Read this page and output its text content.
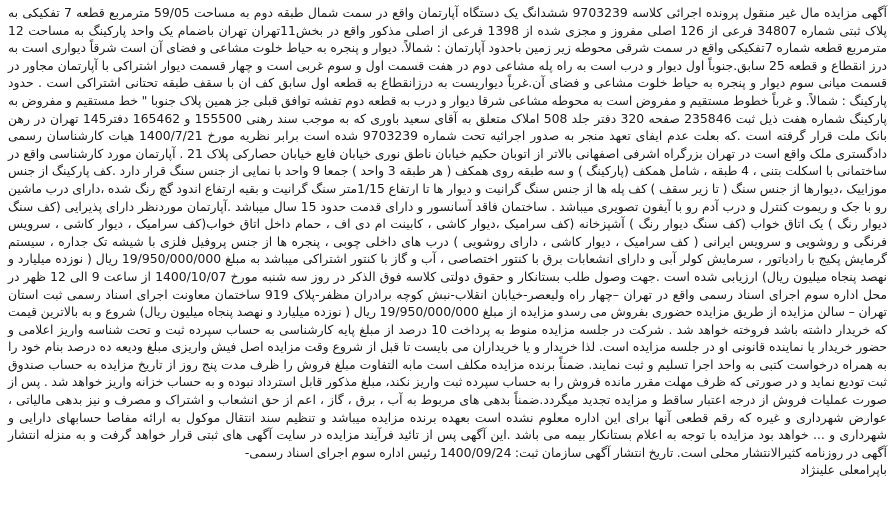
آگهی مزایده مال غیر منقول پرونده اجرائی کلاسه 9703239 ششدانگ یک دستگاه آپارتمان واقع در سمت شمال طبقه دوم به مساحت 59/05 مترمربع قطعه 7 تفکیکی به پلاک ثبتی شماره 34807 فرعی از 126 اصلی مفروز و مجزی شده از 1398 فرعی از اصلی مذکور واقع در بخش11تهران تهران باضمام یک واحد پارکینگ به مساحت 12 مترمربع قطعه شماره 7تفکیکی واقع در سمت شرقی محوطه زیر زمین باحدود آپارتمان : شمالاً. دیوار و پنجره به حیاط خلوت مشاعی و فضای آن است شرقاً دیواری است به درز انقطاع و قطعه 25 سابق.جنوباً اول دیوار و درب است به راه پله مشاعی دوم در هفت قسمت اول و سوم غربی است و چهار قسمت دیوار اشتراکی با آپارتمان مجاور در قسمت میانی سوم دیوار و پنجره به حیاط خلوت مشاعی و فضای آن.غرباً دیواریست به درزانقطاع به قطعه اول سابق کف ان با سقف طبقه تحتانی اشتراکی است . حدود پارکینگ : شمالاً. و غرباً خطوط مستقیم و مفروض است به محوطه مشاعی شرقا دیوار و درب به قطعه دوم تفشه توافق قبلی جز همین پلاک جنوبا " خط مستقیم و مفروض به پارکینگ شماره هفت ذیل ثبت 235846 صفحه 320 دفتر جلد 508 املاک متعلق به آقای سعید باوری که به موجب سند رهنی 155500 و 165462 دفتر145 تهران در رهن بانک ملت قرار گرفته است .که بعلت عدم ایفای تعهد منجر به صدور اجرائیه تحت شماره 9703239 شده است برابر نظریه مورخ 1400/7/21 هیات کارشناسان رسمی دادگستری ملک واقع است در تهران بزرگراه اشرفی اصفهانی بالاتر از اتوبان حکیم خیابان ناطق نوری خیابان فایع خیابان حصارکی پلاک 21 . آپارتمان مورد کارشناسی واقع در ساختمانی با اسکلت بتنی ، 4 طبقه ، شامل همکف (پارکینگ ) و سه طبقه روی همکف ( هر طبقه 3 واحد ) جمعا 9 واحد با نمایی از جنس سنگ قرار دارد .کف پارکینگ از جنس موزاییک ،دیوارها از جنس سنگ ( تا زیر سقف ) کف پله ها از جنس سنگ گرانیت و دیوار ها تا ارتفاع 1/15متر سنگ گرانیت و بقیه ارتفاع اندود گچ رنگ شده ،دارای درب ماشین رو با جک و ریموت کنترل و درب آدم رو با آیفون تصویری میباشد . ساختمان فاقد آسانسور و دارای قدمت حدود 15 سال میباشد .آپارتمان موردنظر دارای پذیرایی (کف سنگ دیوار رنگ ) یک اتاق خواب (کف سنگ دیوار رنگ ) آشپزخانه (کف سرامیک ،دیوار کاشی ، کابینت ام دی اف ، حمام داخل اتاق خواب(کف سرامیک ، دیوار کاشی ، سرویس فرنگی و روشویی و سرویس ایرانی ( کف سرامیک ، دیوار کاشی ، دارای روشویی ) درب های داخلی چوبی ، پنجره ها از جنس پروفیل فلزی با شیشه تک جداره ، سیستم گرمایش پکیج با رادیاتور ، سرمایش کولر آبی و دارای انشعابات برق با کنتور اختصاصی ، آب و گاز با کنتور اشتراکی میباشد به مبلغ 19/950/000/000 ریال ( نوزده میلیارد و نهصد پنجاه میلیون ریال) ارزیابی شده است .جهت وصول طلب بستانکار و حقوق دولتی کلاسه فوق الذکر در روز سه شنبه مورخ 1400/10/07 از ساعت 9 الی 12 ظهر در محل اداره سوم اجرای اسناد رسمی واقع در تهران –چهار راه ولیعصر-خیابان انقلاب-نبش کوچه برادران مظفر-پلاک 919 ساختمان معاونت اجرای اسناد رسمی ثبت استان تهران – سالن مزایده از طریق مزایده حضوری بفروش می رسدو مزایده از مبلغ 19/950/000/000 ریال ( نوزده میلیارد و نهصد پنجاه میلیون ریال) شروع و به بالاترین قیمت که خریدار داشته باشد فروخته خواهد شد . شرکت در جلسه مزایده منوط به پرداخت 10 درصد از مبلغ پایه کارشناسی به حساب سپرده ثبت و تحت شناسه واریز اعلامی و حضور خریدار یا نماینده قانونی او در جلسه مزایده است. لذا خریدار و یا خریداران می بایست تا قبل از شروع وقت مزایده اصل فیش واریزی مبلغ ودیعه ده درصد بنام خود را به همراه درخواست کتبی به واحد اجرا تسلیم و ثبت نمایند. ضمناً برنده مزایده مکلف است مابه التفاوت مبلغ فروش را ظرف مدت پنج روز از تاریخ مزایده به حساب صندوق ثبت تودیع نماید و در صورتی که ظرف مهلت مقرر مانده فروش را به حساب سپرده ثبت واریز نکند، مبلغ مذکور قابل استرداد نبوده و به حساب خزانه واریز خواهد شد . پس از صورت عملیات فروش از درجه اعتبار ساقط و مزایده تجدید میگردد.ضمناً بدهی های مربوط به آب ، برق ، گاز ، اعم از حق انشعاب و اشتراک و مصرف و نیز بدهی مالیاتی ، عوارض شهرداری و غیره که رقم قطعی آنها برای این اداره معلوم نشده است بعهده برنده مزایده میباشد و تنظیم سند انتقال موکول به ارائه مفاصا حسابهای دارایی و شهرداری و ... خواهد بود مزایده با توجه به اعلام بستانکار بیمه می باشد .این آگهی پس از تائید فرآیند مزایده در سایت آگهی های ثبتی قرار خواهد گرفت و به منزله انتشار آگهی در روزنامه کثیرالانتشار محلی است. تاریخ انتشار آگهی سازمان ثبت: 1400/09/24 رئیس اداره سوم اجرای اسناد رسمی-

باپرامعلی علینژاد
